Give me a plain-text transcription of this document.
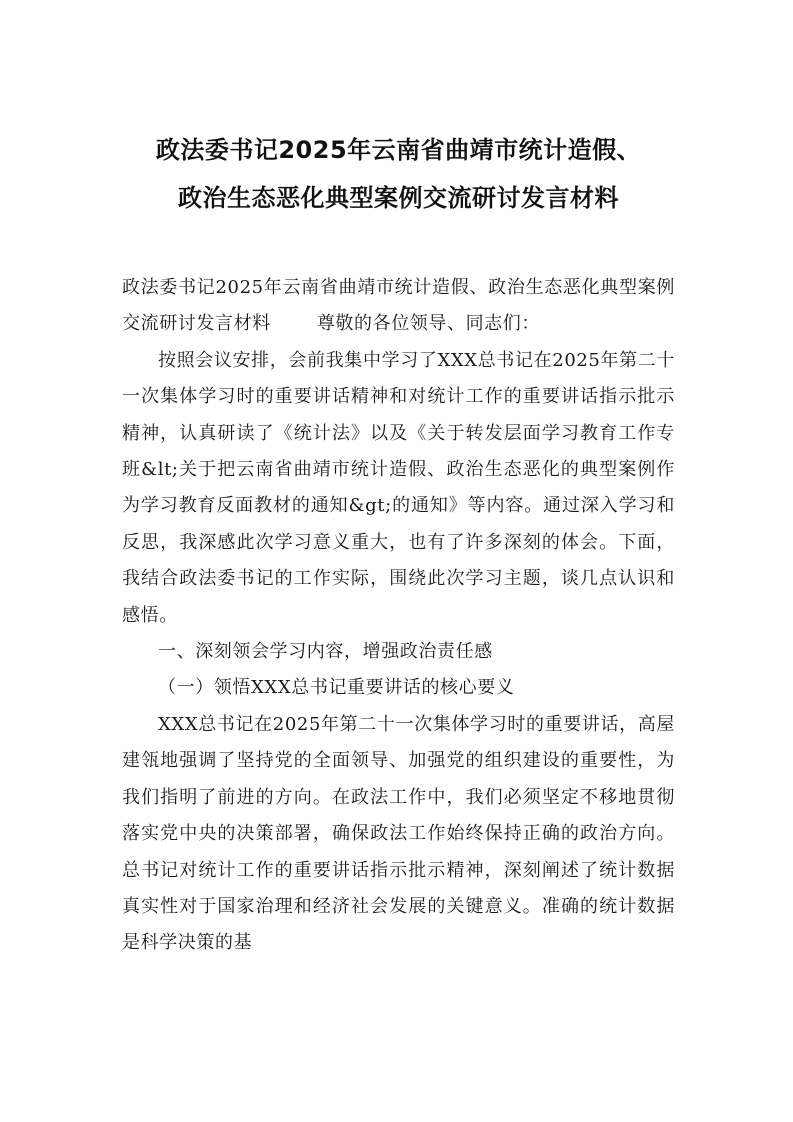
政法委书记2025年云南省曲靖市统计造假、
政治生态恶化典型案例交流研讨发言材料

政法委书记2025年云南省曲靖市统计造假、政治生态恶化典型案例交流研讨发言材料	尊敬的各位领导、同志们：

按照会议安排，会前我集中学习了XXX总书记在2025年第二十一次集体学习时的重要讲话精神和对统计工作的重要讲话指示批示精神，认真研读了《统计法》以及《关于转发层面学习教育工作专班&lt;关于把云南省曲靖市统计造假、政治生态恶化的典型案例作为学习教育反面教材的通知&gt;的通知》等内容。通过深入学习和反思，我深感此次学习意义重大，也有了许多深刻的体会。下面，我结合政法委书记的工作实际，围绕此次学习主题，谈几点认识和感悟。

一、深刻领会学习内容，增强政治责任感

（一）领悟XXX总书记重要讲话的核心要义

XXX总书记在2025年第二十一次集体学习时的重要讲话，高屋建瓴地强调了坚持党的全面领导、加强党的组织建设的重要性，为我们指明了前进的方向。在政法工作中，我们必须坚定不移地贯彻落实党中央的决策部署，确保政法工作始终保持正确的政治方向。总书记对统计工作的重要讲话指示批示精神，深刻阐述了统计数据真实性对于国家治理和经济社会发展的关键意义。准确的统计数据是科学决策的基
